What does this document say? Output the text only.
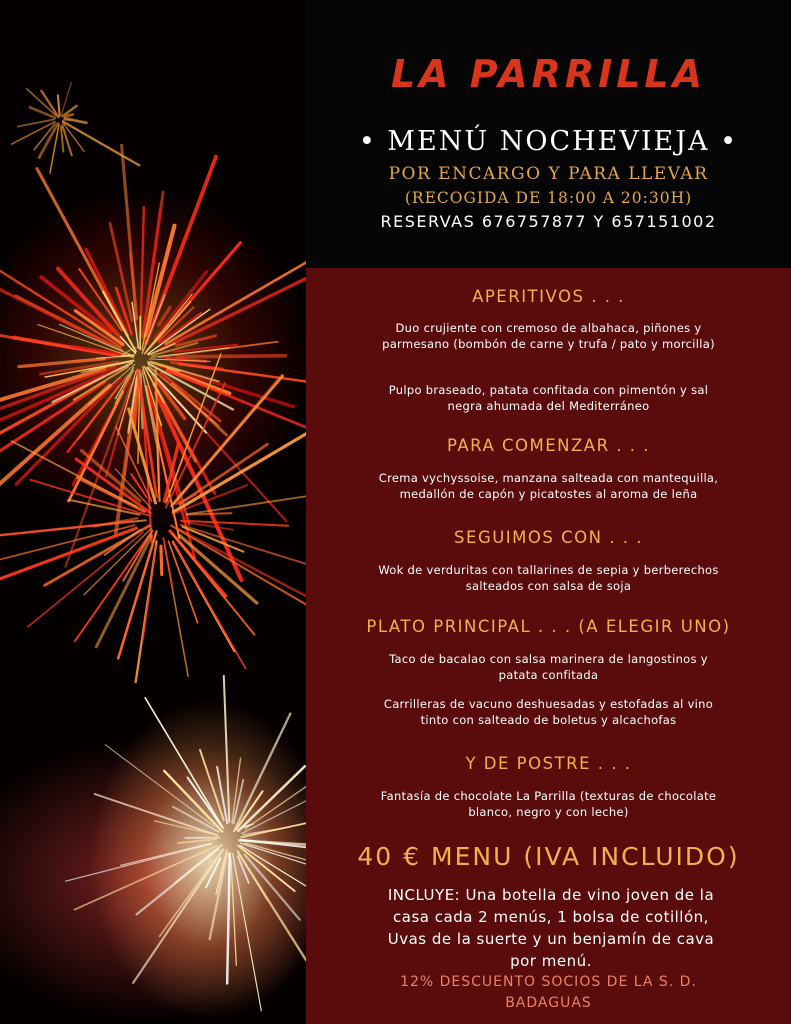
LA PARRILLA
• MENÚ NOCHEVIEJA •
POR ENCARGO Y PARA LLEVAR
(RECOGIDA DE 18:00 A 20:30H)
RESERVAS 676757877 Y 657151002
APERITIVOS . . .
Duo crujiente con cremoso de albahaca, piñones y parmesano (bombón de carne y trufa / pato y morcilla)
Pulpo braseado, patata confitada con pimentón y sal negra ahumada del Mediterráneo
PARA COMENZAR . . .
Crema vychyssoise, manzana salteada con mantequilla, medallón de capón y picatostes al aroma de leña
SEGUIMOS CON . . .
Wok de verduritas con tallarines de sepia y berberechos salteados con salsa de soja
PLATO PRINCIPAL . . . (A ELEGIR UNO)
Taco de bacalao con salsa marinera de langostinos y patata confitada
Carrilleras de vacuno deshuesadas y estofadas al vino tinto con salteado de boletus y alcachofas
Y DE POSTRE . . .
Fantasía de chocolate La Parrilla (texturas de chocolate blanco, negro y con leche)
40 € MENU (IVA INCLUIDO)
INCLUYE: Una botella de vino joven de la casa cada 2 menús, 1 bolsa de cotillón, Uvas de la suerte y un benjamín de cava por menú.
12% DESCUENTO SOCIOS DE LA S. D. BADAGUAS
